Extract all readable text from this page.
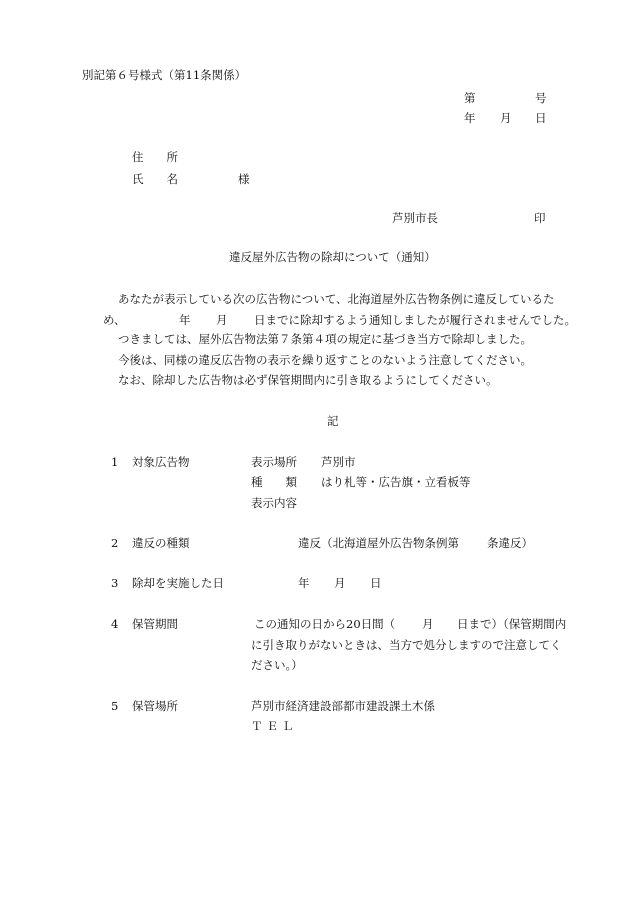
別記第６号様式（第11条関係）
第	号
年 月 日
住　　所
氏　　名	様
芦別市長	印
違反屋外広告物の除却について（通知）
あなたが表示している次の広告物について、北海道屋外広告物条例に違反しているた
め、	年 月 日までに除却するよう通知しましたが履行されませんでした。
つきましては、屋外広告物法第７条第４項の規定に基づき当方で除却しました。
今後は、同様の違反広告物の表示を繰り返すことのないよう注意してください。
なお、除却した広告物は必ず保管期間内に引き取るようにしてください。
記
1 対象広告物	表示場所 芦別市
種　　類 はり札等・広告旗・立看板等
表示内容
2 違反の種類	違反（北海道屋外広告物条例第 条違反）
3 除却を実施した日	年 月 日
4 保管期間	この通知の日から20日間（ 月 日まで）（保管期間内
に引き取りがないときは、当方で処分しますので注意してく
ださい。）
5 保管場所	芦別市経済建設部都市建設課土木係
ＴＥＬ
